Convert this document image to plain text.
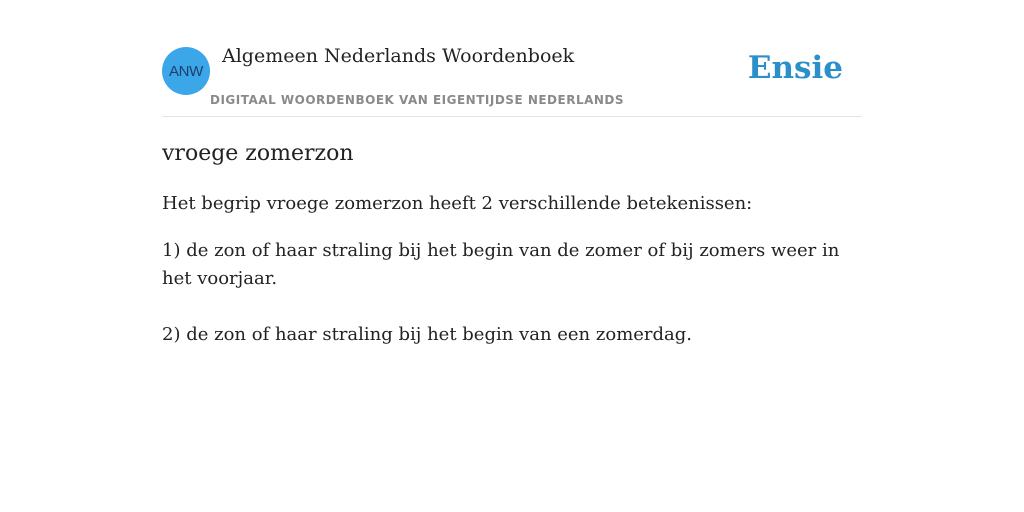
ANW
Algemeen Nederlands Woordenboek
DIGITAAL WOORDENBOEK VAN EIGENTIJDSE NEDERLANDS
Ensie
vroege zomerzon

Het begrip vroege zomerzon heeft 2 verschillende betekenissen:

1) de zon of haar straling bij het begin van de zomer of bij zomers weer in het voorjaar.
2) de zon of haar straling bij het begin van een zomerdag.
